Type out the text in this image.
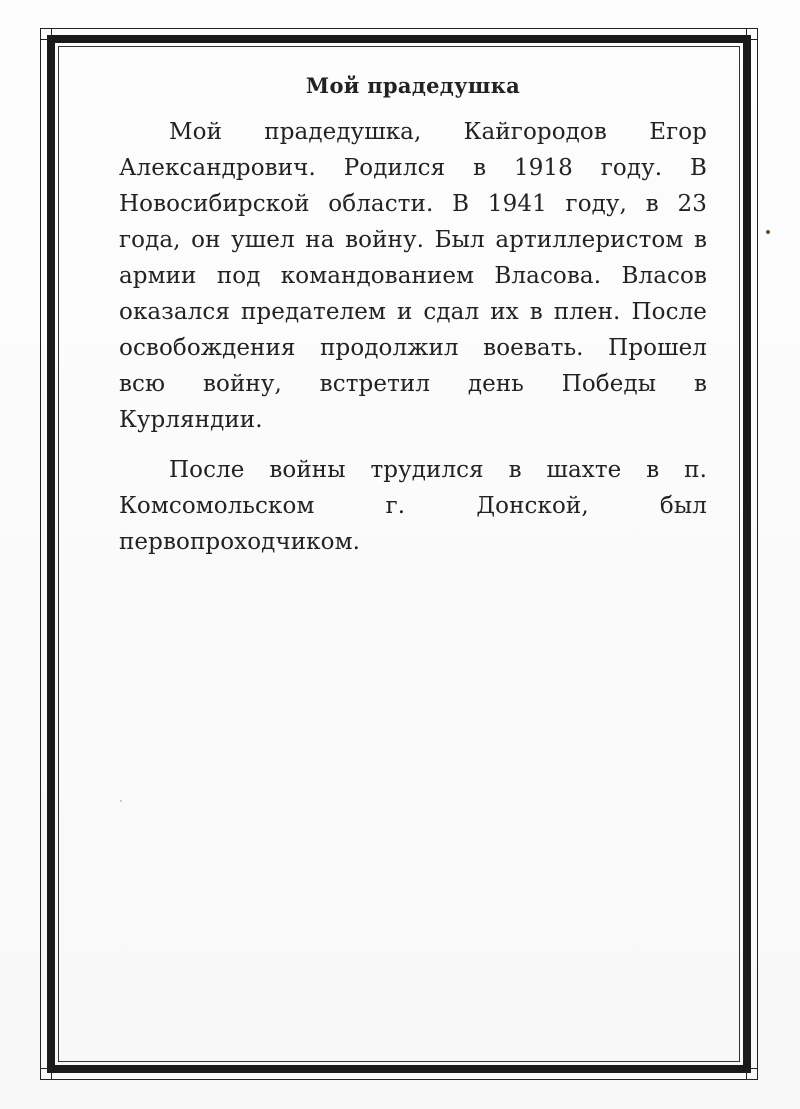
Мой прадедушка

Мой прадедушка, Кайгородов Егор Александрович. Родился в 1918 году. В Новосибирской области. В 1941 году, в 23 года, он ушел на войну. Был артиллеристом в армии под командованием Власова. Власов оказался предателем и сдал их в плен. После освобождения продолжил воевать. Прошел всю войну, встретил день Победы в Курляндии.

После войны трудился в шахте в п. Комсомольском г. Донской, был первопроходчиком.
